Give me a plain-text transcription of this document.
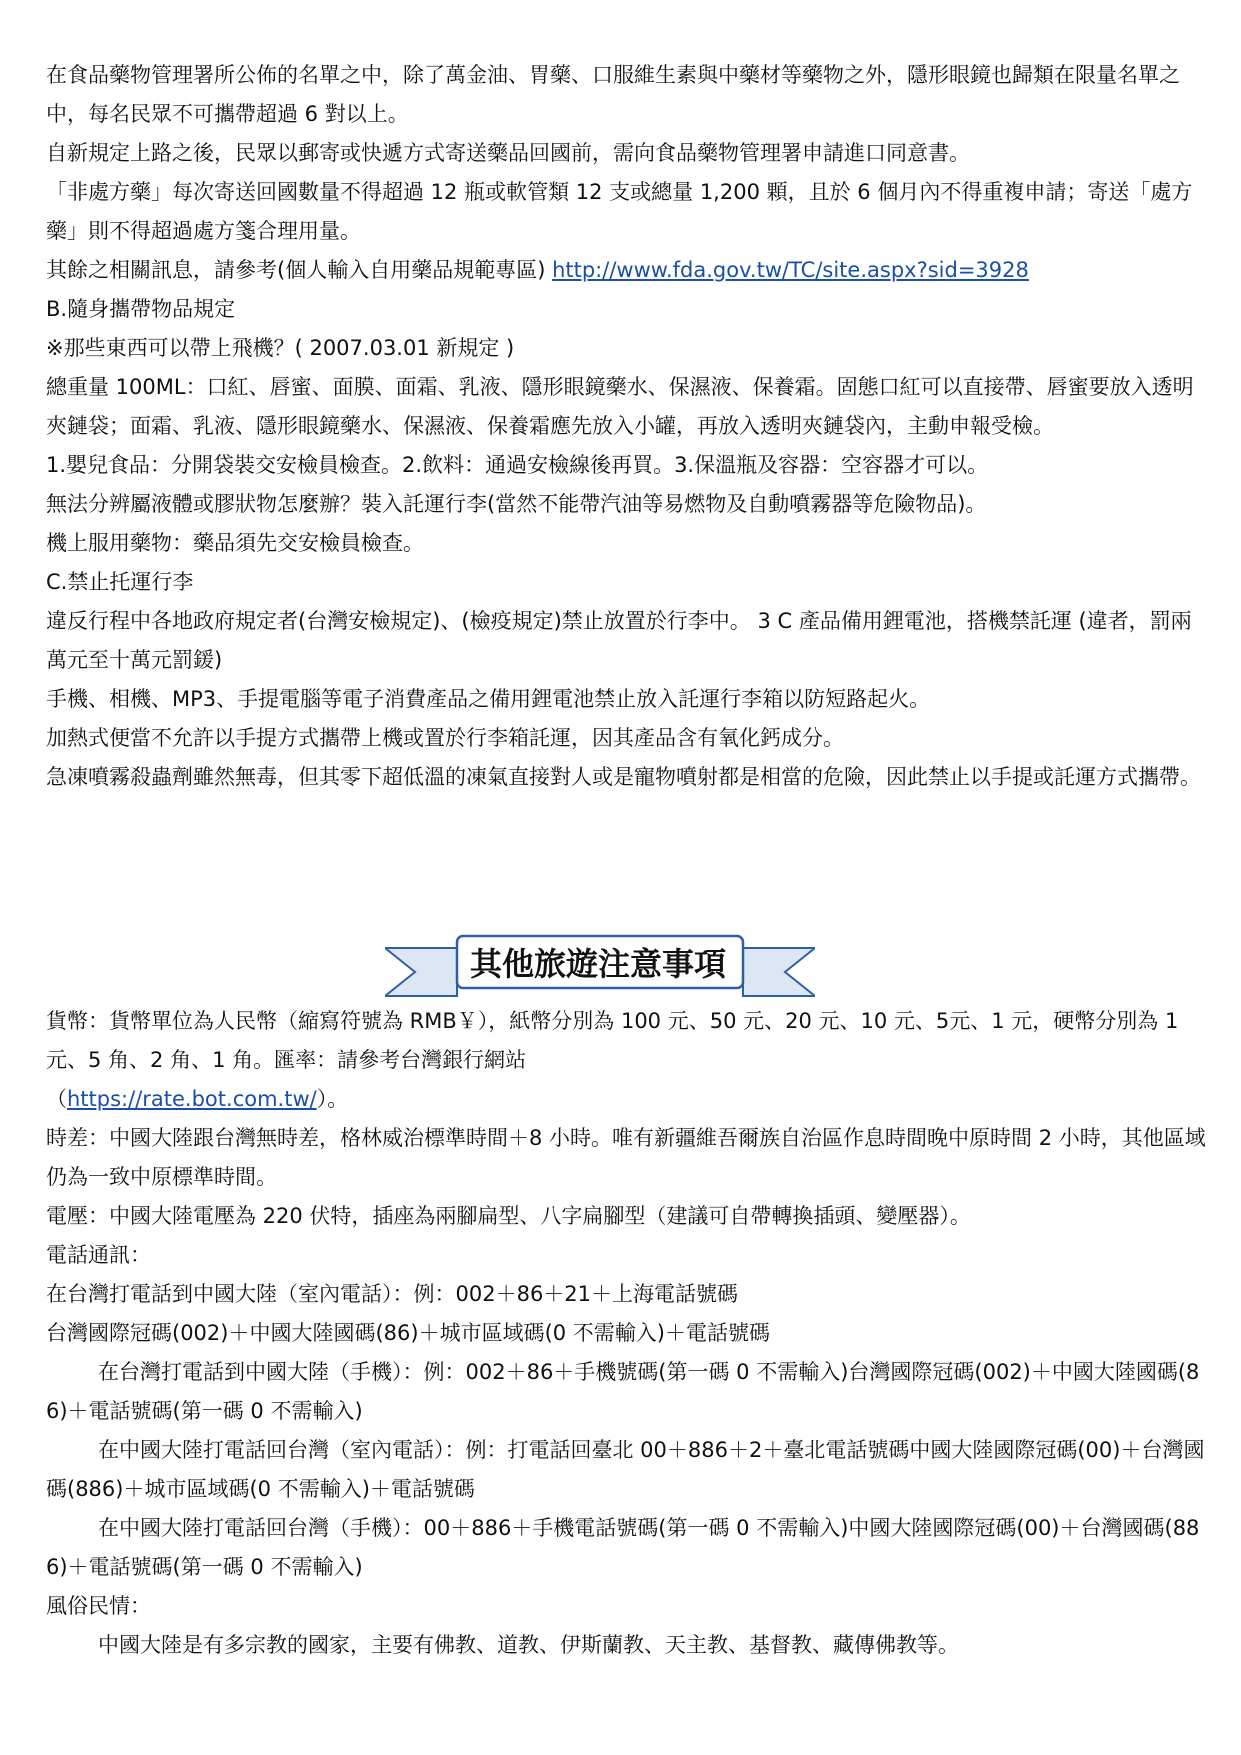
在食品藥物管理署所公佈的名單之中，除了萬金油、胃藥、口服維生素與中藥材等藥物之外，隱形眼鏡也歸類在限量名單之中，每名民眾不可攜帶超過 6 對以上。

自新規定上路之後，民眾以郵寄或快遞方式寄送藥品回國前，需向食品藥物管理署申請進口同意書。

「非處方藥」每次寄送回國數量不得超過 12 瓶或軟管類 12 支或總量 1,200 顆，且於 6 個月內不得重複申請；寄送「處方藥」則不得超過處方箋合理用量。

其餘之相關訊息，請參考(個人輸入自用藥品規範專區) http://www.fda.gov.tw/TC/site.aspx?sid=3928

B.隨身攜帶物品規定

※那些東西可以帶上飛機？( 2007.03.01 新規定 )

總重量 100ML：口紅、唇蜜、面膜、面霜、乳液、隱形眼鏡藥水、保濕液、保養霜。固態口紅可以直接帶、唇蜜要放入透明夾鏈袋；面霜、乳液、隱形眼鏡藥水、保濕液、保養霜應先放入小罐，再放入透明夾鏈袋內，主動申報受檢。

1.嬰兒食品：分開袋裝交安檢員檢查。2.飲料：通過安檢線後再買。3.保溫瓶及容器：空容器才可以。

無法分辨屬液體或膠狀物怎麼辦？裝入託運行李(當然不能帶汽油等易燃物及自動噴霧器等危險物品)。

機上服用藥物：藥品須先交安檢員檢查。

C.禁止托運行李

違反行程中各地政府規定者(台灣安檢規定)、(檢疫規定)禁止放置於行李中。 3 C 產品備用鋰電池，搭機禁託運 (違者，罰兩萬元至十萬元罰鍰)

手機、相機、MP3、手提電腦等電子消費產品之備用鋰電池禁止放入託運行李箱以防短路起火。

加熱式便當不允許以手提方式攜帶上機或置於行李箱託運，因其產品含有氧化鈣成分。

急凍噴霧殺蟲劑雖然無毒，但其零下超低溫的凍氣直接對人或是寵物噴射都是相當的危險，因此禁止以手提或託運方式攜帶。

其他旅遊注意事項

貨幣：貨幣單位為人民幣（縮寫符號為 RMB￥），紙幣分別為 100 元、50 元、20 元、10 元、5元、1 元，硬幣分別為 1 元、5 角、2 角、1 角。匯率：請參考台灣銀行網站

（https://rate.bot.com.tw/）。

時差：中國大陸跟台灣無時差，格林威治標準時間＋8 小時。唯有新疆維吾爾族自治區作息時間晚中原時間 2 小時，其他區域仍為一致中原標準時間。

電壓：中國大陸電壓為 220 伏特，插座為兩腳扁型、八字扁腳型（建議可自帶轉換插頭、變壓器）。

電話通訊：

在台灣打電話到中國大陸（室內電話）：例：002＋86＋21＋上海電話號碼

台灣國際冠碼(002)＋中國大陸國碼(86)＋城市區域碼(0 不需輸入)＋電話號碼

在台灣打電話到中國大陸（手機）：例：002＋86＋手機號碼(第一碼 0 不需輸入)台灣國際冠碼(002)＋中國大陸國碼(86)＋電話號碼(第一碼 0 不需輸入)

在中國大陸打電話回台灣（室內電話）：例：打電話回臺北 00＋886＋2＋臺北電話號碼中國大陸國際冠碼(00)＋台灣國碼(886)＋城市區域碼(0 不需輸入)＋電話號碼

在中國大陸打電話回台灣（手機）：00＋886＋手機電話號碼(第一碼 0 不需輸入)中國大陸國際冠碼(00)＋台灣國碼(886)＋電話號碼(第一碼 0 不需輸入)

風俗民情：

中國大陸是有多宗教的國家，主要有佛教、道教、伊斯蘭教、天主教、基督教、藏傳佛教等。
